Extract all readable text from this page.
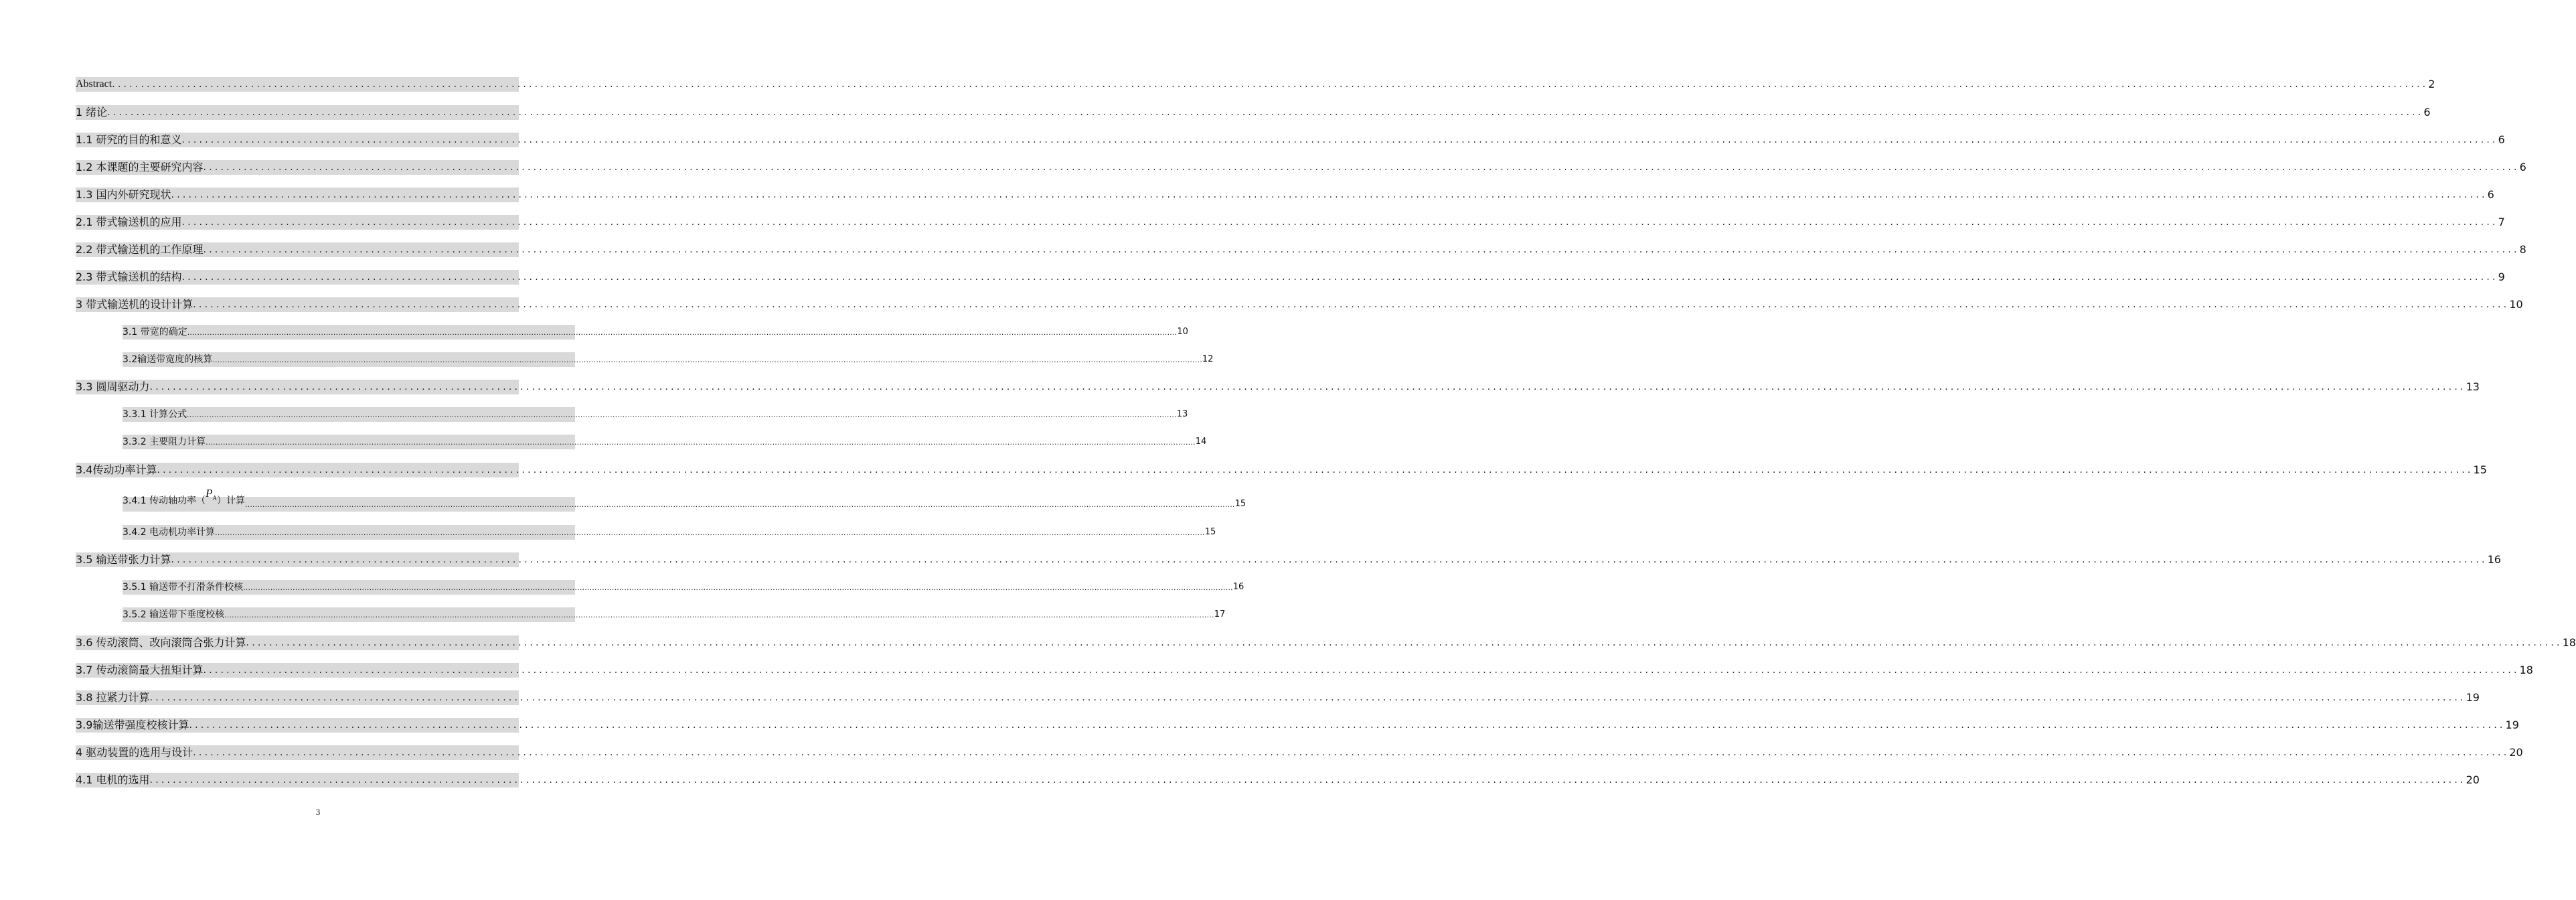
Abstract ................................................................................................................................................................................................................................................................................................................................................................................................................ 2
1 绪论 ................................................................................................................................................................................................................................................................................................................................................................................................................ 6
1.1 研究的目的和意义 ................................................................................................................................................................................................................................................................................................................................................................................................................ 6
1.2 本课题的主要研究内容 ................................................................................................................................................................................................................................................................................................................................................................................................................ 6
1.3 国内外研究现状 ................................................................................................................................................................................................................................................................................................................................................................................................................ 6
2.1 带式输送机的应用 ................................................................................................................................................................................................................................................................................................................................................................................................................ 7
2.2 带式输送机的工作原理 ................................................................................................................................................................................................................................................................................................................................................................................................................ 8
2.3 带式输送机的结构 ................................................................................................................................................................................................................................................................................................................................................................................................................ 9
3 带式输送机的设计计算 ................................................................................................................................................................................................................................................................................................................................................................................................................ 10
3.1 带宽的确定 ................................................................................................................................................................................................................................................................................................................................................................................................................ 10
3.2输送带宽度的核算 ................................................................................................................................................................................................................................................................................................................................................................................................................ 12
3.3 圆周驱动力 ................................................................................................................................................................................................................................................................................................................................................................................................................ 13
3.3.1 计算公式 ................................................................................................................................................................................................................................................................................................................................................................................................................ 13
3.3.2 主要阻力计算 ................................................................................................................................................................................................................................................................................................................................................................................................................ 14
3.4传动功率计算 ................................................................................................................................................................................................................................................................................................................................................................................................................ 15
3.4.1 传动轴功率$(P_A)$计算 ................................................................................................................................................................................................................................................................................................................................................................................................................ 15
3.4.2 电动机功率计算 ................................................................................................................................................................................................................................................................................................................................................................................................................ 15
3.5 输送带张力计算 ................................................................................................................................................................................................................................................................................................................................................................................................................ 16
3.5.1 输送带不打滑条件校核 ................................................................................................................................................................................................................................................................................................................................................................................................................ 16
3.5.2 输送带下垂度校核 ................................................................................................................................................................................................................................................................................................................................................................................................................ 17
3.6 传动滚筒、改向滚筒合张力计算 ................................................................................................................................................................................................................................................................................................................................................................................................................ 18
3.7 传动滚筒最大扭矩计算 ................................................................................................................................................................................................................................................................................................................................................................................................................ 18
3.8 拉紧力计算 ................................................................................................................................................................................................................................................................................................................................................................................................................ 19
3.9输送带强度校核计算 ................................................................................................................................................................................................................................................................................................................................................................................................................ 19
4 驱动装置的选用与设计 ................................................................................................................................................................................................................................................................................................................................................................................................................ 20
4.1 电机的选用 ................................................................................................................................................................................................................................................................................................................................................................................................................ 20
3
